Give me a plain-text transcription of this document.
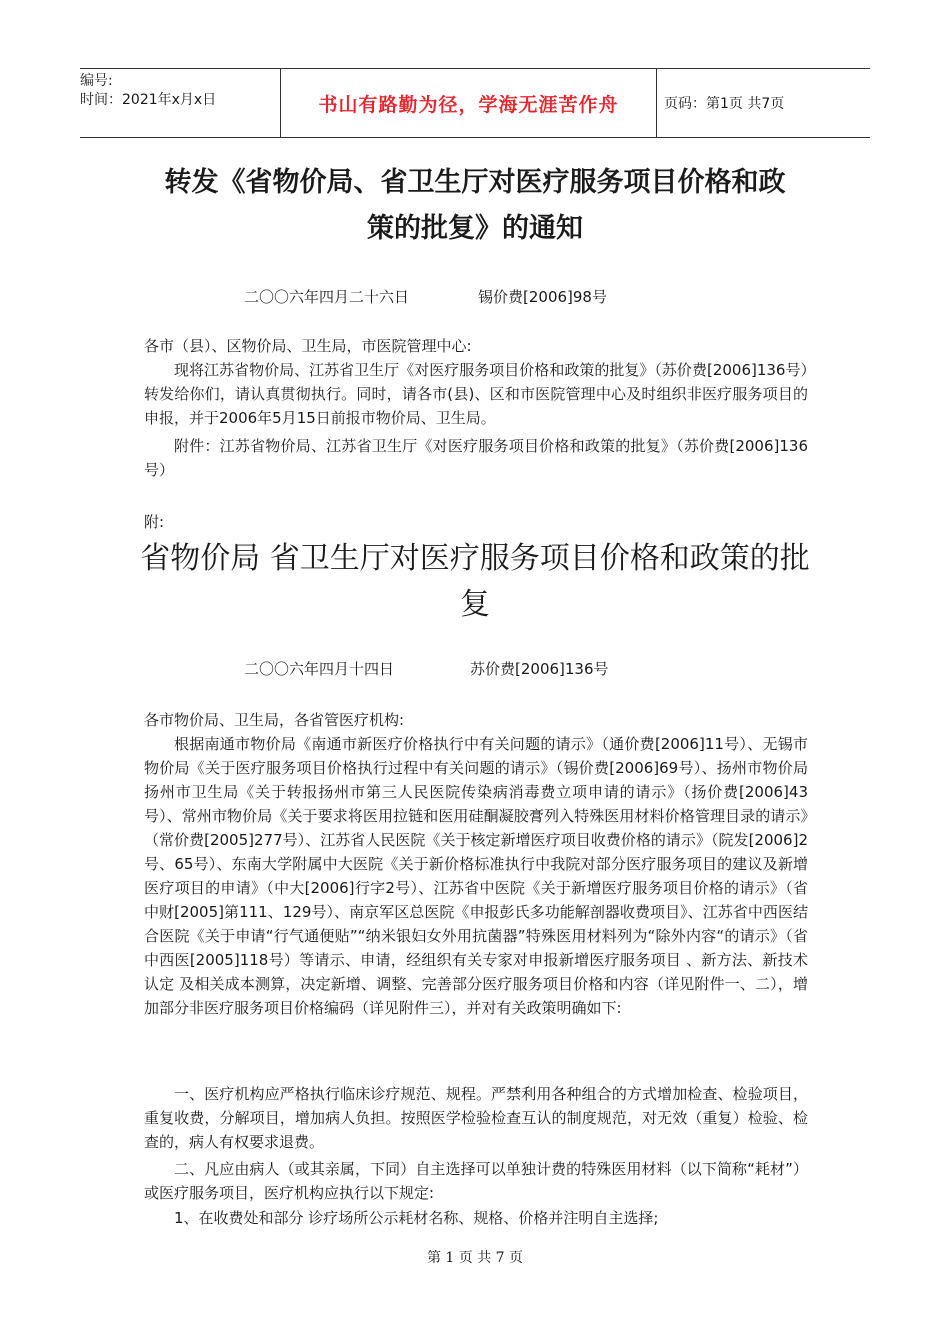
编号:
时间：2021年x月x日	书山有路勤为径，学海无涯苦作舟	页码：第1页 共7页
转发《省物价局、省卫生厅对医疗服务项目价格和政
策的批复》的通知
二〇〇六年四月二十六日	锡价费[2006]98号
各市（县）、区物价局、卫生局，市医院管理中心:
现将江苏省物价局、江苏省卫生厅《对医疗服务项目价格和政策的批复》（苏价费[2006]136号）转发给你们，请认真贯彻执行。同时，请各市(县)、区和市医院管理中心及时组织非医疗服务项目的申报，并于2006年5月15日前报市物价局、卫生局。
附件：江苏省物价局、江苏省卫生厅《对医疗服务项目价格和政策的批复》（苏价费[2006]136号）
附:
省物价局 省卫生厅对医疗服务项目价格和政策的批
复
二〇〇六年四月十四日	苏价费[2006]136号
各市物价局、卫生局，各省管医疗机构:
根据南通市物价局《南通市新医疗价格执行中有关问题的请示》（通价费[2006]11号）、无锡市物价局《关于医疗服务项目价格执行过程中有关问题的请示》（锡价费[2006]69号）、扬州市物价局 扬州市卫生局《关于转报扬州市第三人民医院传染病消毒费立项申请的请示》（扬价费[2006]43号）、常州市物价局《关于要求将医用拉链和医用硅酮凝胶膏列入特殊医用材料价格管理目录的请示》（常价费[2005]277号）、江苏省人民医院《关于核定新增医疗项目收费价格的请示》（院发[2006]2号、65号）、东南大学附属中大医院《关于新价格标准执行中我院对部分医疗服务项目的建议及新增医疗项目的申请》（中大[2006]行字2号）、江苏省中医院《关于新增医疗服务项目价格的请示》（省中财[2005]第111、129号）、南京军区总医院《申报彭氏多功能解剖器收费项目》、江苏省中西医结合医院《关于申请“行气通便贴”“纳米银妇女外用抗菌器”特殊医用材料列为“除外内容“的请示》（省中西医[2005]118号）等请示、申请，经组织有关专家对申报新增医疗服务项目 、新方法、新技术认定 及相关成本测算，决定新增、调整、完善部分医疗服务项目价格和内容（详见附件一、二），增加部分非医疗服务项目价格编码（详见附件三），并对有关政策明确如下:
一、医疗机构应严格执行临床诊疗规范、规程。严禁利用各种组合的方式增加检查、检验项目，重复收费，分解项目，增加病人负担。按照医学检验检查互认的制度规范，对无效（重复）检验、检查的，病人有权要求退费。
二、凡应由病人（或其亲属，下同）自主选择可以单独计费的特殊医用材料（以下简称“耗材”）或医疗服务项目，医疗机构应执行以下规定:
1、在收费处和部分 诊疗场所公示耗材名称、规格、价格并注明自主选择;
第 1 页 共 7 页
